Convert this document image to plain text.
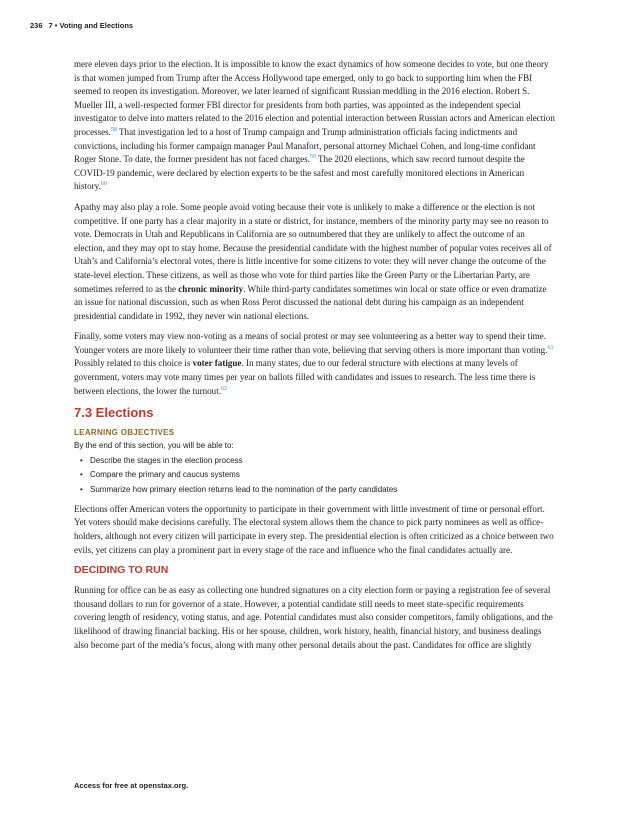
236 7 • Voting and Elections

mere eleven days prior to the election. It is impossible to know the exact dynamics of how someone decides to vote, but one theory is that women jumped from Trump after the Access Hollywood tape emerged, only to go back to supporting him when the FBI seemed to reopen its investigation. Moreover, we later learned of significant Russian meddling in the 2016 election. Robert S. Mueller III, a well-respected former FBI director for presidents from both parties, was appointed as the independent special investigator to delve into matters related to the 2016 election and potential interaction between Russian actors and American election processes.$^{58}$ That investigation led to a host of Trump campaign and Trump administration officials facing indictments and convictions, including his former campaign manager Paul Manafort, personal attorney Michael Cohen, and long-time confidant Roger Stone. To date, the former president has not faced charges.$^{59}$ The 2020 elections, which saw record turnout despite the COVID-19 pandemic, were declared by election experts to be the safest and most carefully monitored elections in American history.$^{60}$

Apathy may also play a role. Some people avoid voting because their vote is unlikely to make a difference or the election is not competitive. If one party has a clear majority in a state or district, for instance, members of the minority party may see no reason to vote. Democrats in Utah and Republicans in California are so outnumbered that they are unlikely to affect the outcome of an election, and they may opt to stay home. Because the presidential candidate with the highest number of popular votes receives all of Utah’s and California’s electoral votes, there is little incentive for some citizens to vote: they will never change the outcome of the state-level election. These citizens, as well as those who vote for third parties like the Green Party or the Libertarian Party, are sometimes referred to as the chronic minority. While third-party candidates sometimes win local or state office or even dramatize an issue for national discussion, such as when Ross Perot discussed the national debt during his campaign as an independent presidential candidate in 1992, they never win national elections.

Finally, some voters may view non-voting as a means of social protest or may see volunteering as a better way to spend their time. Younger voters are more likely to volunteer their time rather than vote, believing that serving others is more important than voting.$^{61}$ Possibly related to this choice is voter fatigue. In many states, due to our federal structure with elections at many levels of government, voters may vote many times per year on ballots filled with candidates and issues to research. The less time there is between elections, the lower the turnout.$^{62}$

7.3 Elections
LEARNING OBJECTIVES
By the end of this section, you will be able to:
• Describe the stages in the election process
• Compare the primary and caucus systems
• Summarize how primary election returns lead to the nomination of the party candidates

Elections offer American voters the opportunity to participate in their government with little investment of time or personal effort. Yet voters should make decisions carefully. The electoral system allows them the chance to pick party nominees as well as office-holders, although not every citizen will participate in every step. The presidential election is often criticized as a choice between two evils, yet citizens can play a prominent part in every stage of the race and influence who the final candidates actually are.

DECIDING TO RUN

Running for office can be as easy as collecting one hundred signatures on a city election form or paying a registration fee of several thousand dollars to run for governor of a state. However, a potential candidate still needs to meet state-specific requirements covering length of residency, voting status, and age. Potential candidates must also consider competitors, family obligations, and the likelihood of drawing financial backing. His or her spouse, children, work history, health, financial history, and business dealings also become part of the media’s focus, along with many other personal details about the past. Candidates for office are slightly

Access for free at openstax.org.
